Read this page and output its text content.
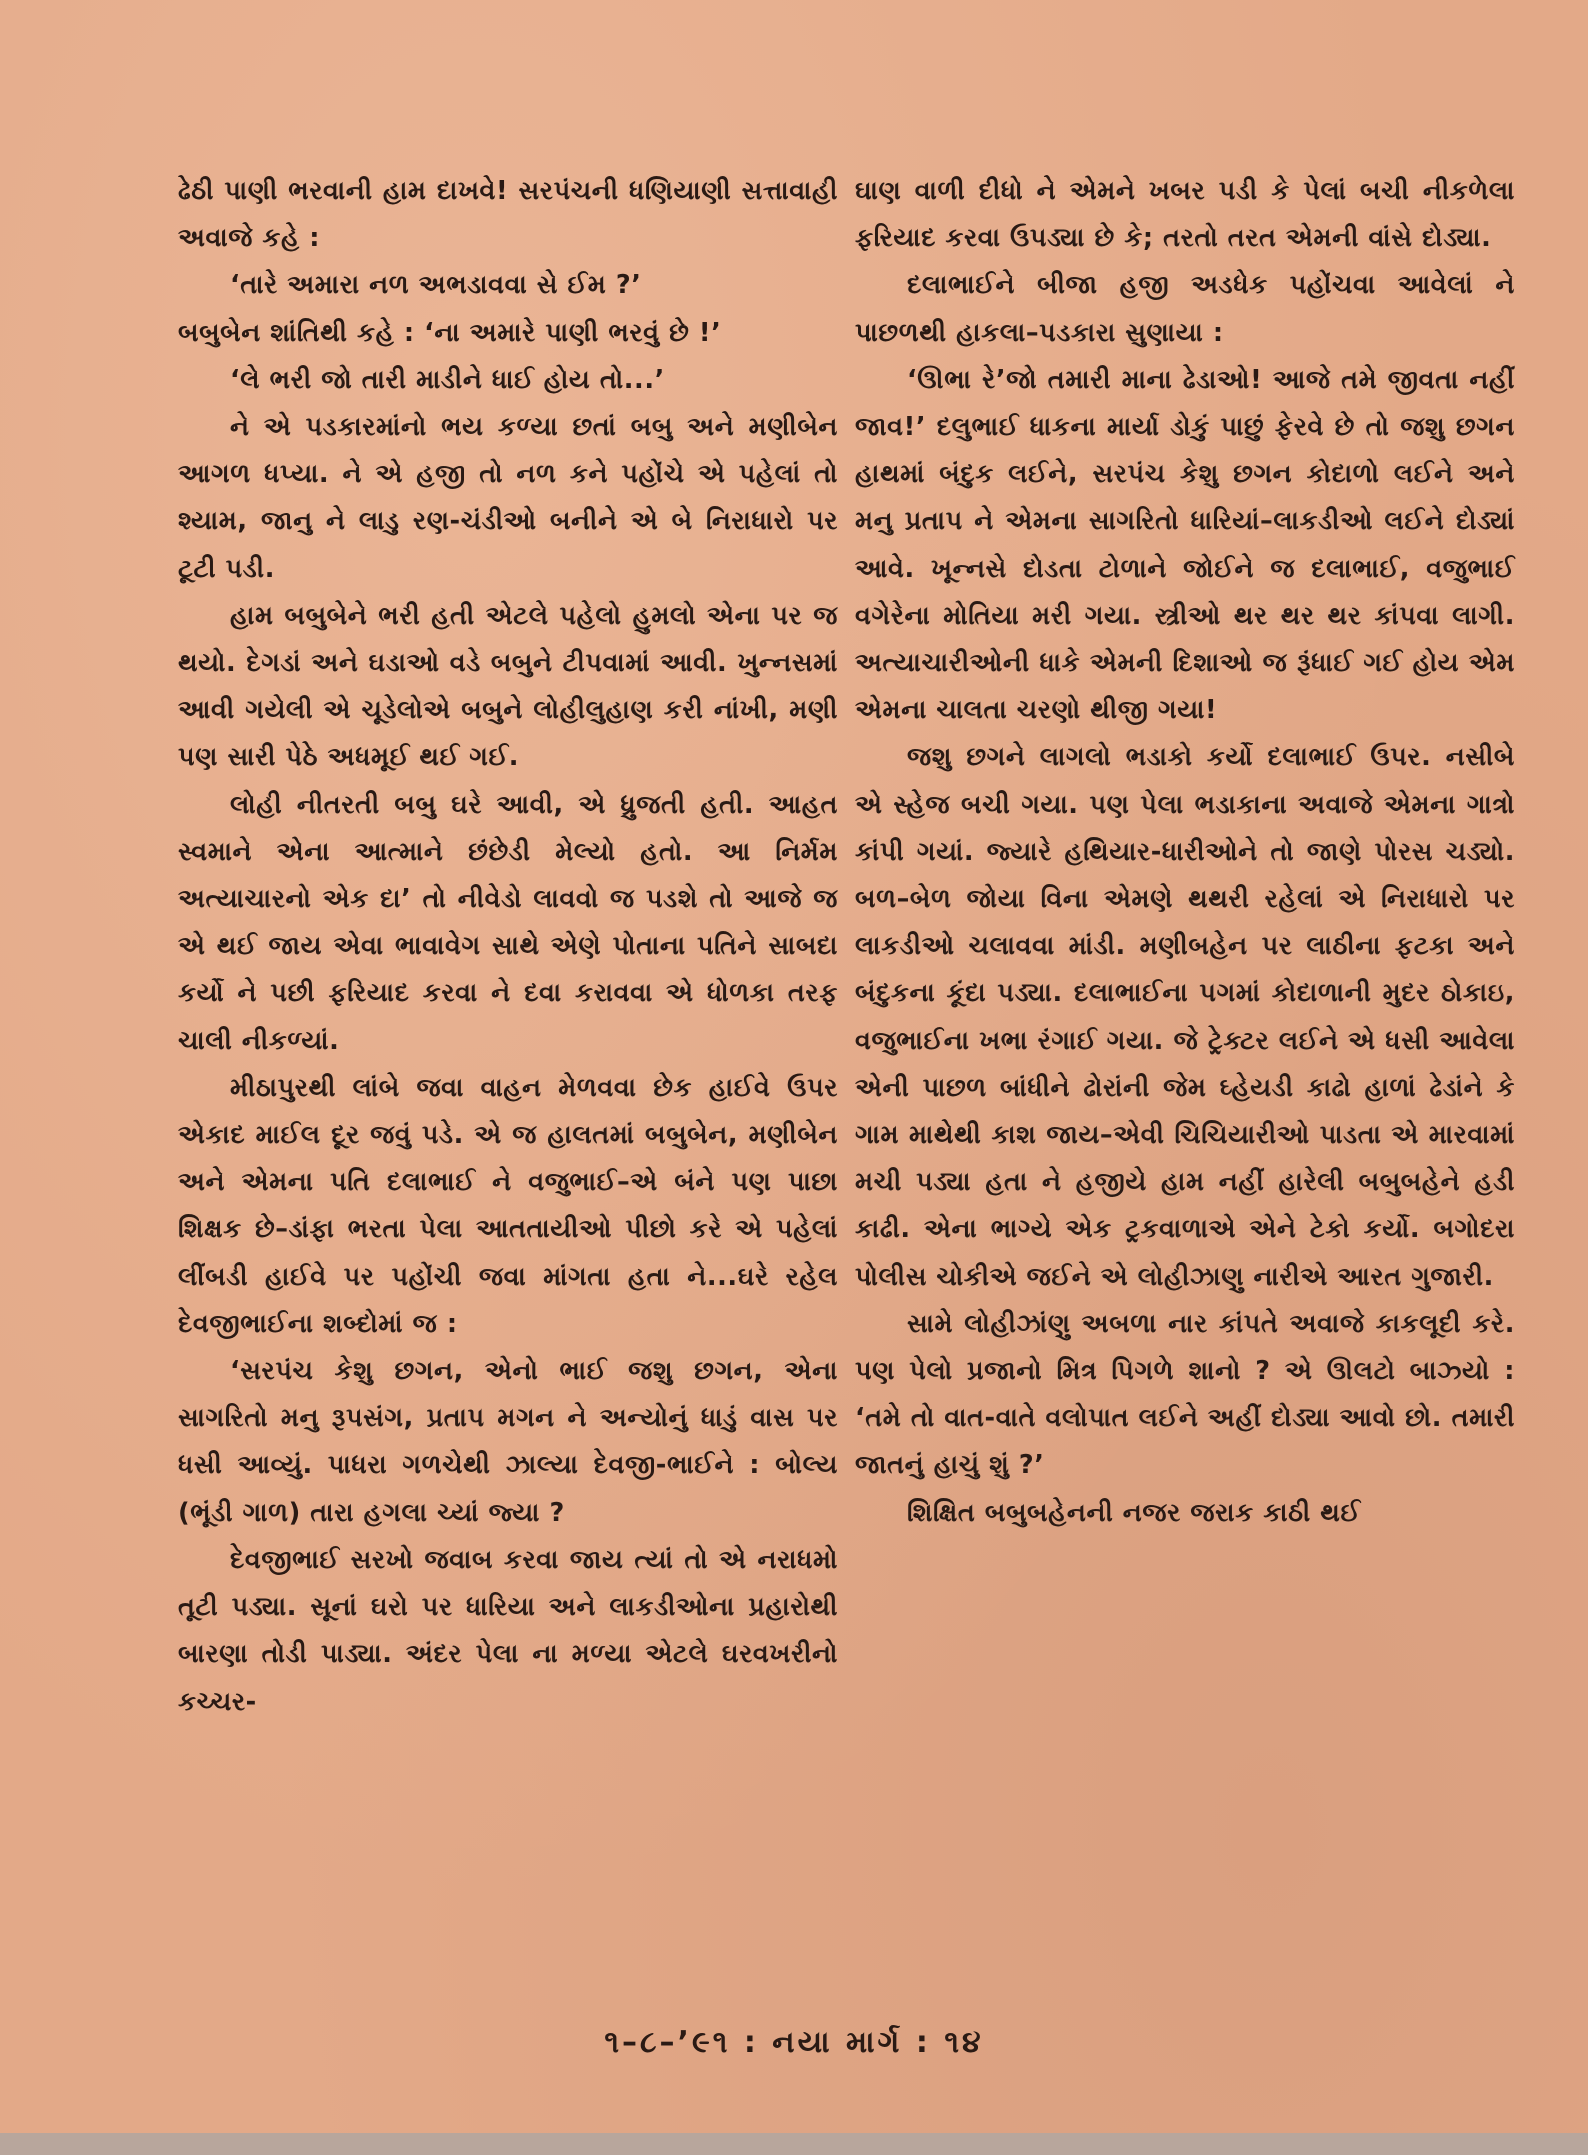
ઢેઠી પાણી ભરવાની હામ દાખવે! સરપંચની ધણિયાણી સત્તાવાહી અવાજે કહે :

‘તારે અમારા નળ અભડાવવા સે ઈમ ?’

બબુબેન શાંતિથી કહે : ‘ના અમારે પાણી ભરવું છે !’

‘લે ભરી જો તારી માડીને ધાઈ હોય તો...’

ને એ પડકારમાંનો ભય કળ્યા છતાં બબુ અને મણીબેન આગળ ધપ્યા. ને એ હજી તો નળ કને પહોંચે એ પહેલાં તો શ્યામ, જાનુ ને લાડુ રણ-ચંડીઓ બનીને એ બે નિરાધારો પર ટૂટી પડી.

હામ બબુબેને ભરી હતી એટલે પહેલો હુમલો એના પર જ થયો. દેગડાં અને ઘડાઓ વડે બબુને ટીપવામાં આવી. ખુન્નસમાં આવી ગયેલી એ ચૂડેલોએ બબુને લોહીલુહાણ કરી નાંખી, મણી પણ સારી પેઠે અધમૂઈ થઈ ગઈ.

લોહી નીતરતી બબુ ઘરે આવી, એ ધ્રુજતી હતી. આહત સ્વમાને એના આત્માને છંછેડી મેલ્યો હતો. આ નિર્મમ અત્યાચારનો એક દા’ તો નીવેડો લાવવો જ પડશે તો આજે જ એ થઈ જાય એવા ભાવાવેગ સાથે એણે પોતાના પતિને સાબદા કર્યો ને પછી ફરિયાદ કરવા ને દવા કરાવવા એ ધોળકા તરફ ચાલી નીકળ્યાં.

મીઠાપુરથી લાંબે જવા વાહન મેળવવા છેક હાઈવે ઉપર એકાદ માઈલ દૂર જવું પડે. એ જ હાલતમાં બબુબેન, મણીબેન અને એમના પતિ દલાભાઈ ને વજુભાઈ–એ બંને પણ પાછા શિક્ષક છે–ડાંફા ભરતા પેલા આતતાયીઓ પીછો કરે એ પહેલાં લીંબડી હાઈવે પર પહોંચી જવા માંગતા હતા ને...ઘરે રહેલ દેવજીભાઈના શબ્દોમાં જ :

‘સરપંચ કેશુ છગન, એનો ભાઈ જશુ છગન, એના સાગરિતો મનુ રૂપસંગ, પ્રતાપ મગન ને અન્યોનું ધાડું વાસ પર ધસી આવ્યું. પાધરા ગળચેથી ઝાલ્યા દેવજી-ભાઈને : બોલ્ય (ભૂંડી ગાળ) તારા હગલા ચ્યાં જ્યા ?

દેવજીભાઈ સરખો જવાબ કરવા જાય ત્યાં તો એ નરાધમો તૂટી પડ્યા. સૂનાં ઘરો પર ધારિયા અને લાકડીઓના પ્રહારોથી બારણા તોડી પાડ્યા. અંદર પેલા ના મળ્યા એટલે ઘરવખરીનો કચ્ચર-

ઘાણ વાળી દીધો ને એમને ખબર પડી કે પેલાં બચી નીકળેલા ફરિયાદ કરવા ઉપડ્યા છે કે; તરતો તરત એમની વાંસે દોડ્યા.

દલાભાઈને બીજા હજી અડધેક પહોંચવા આવેલાં ને પાછળથી હાકલા–પડકારા સુણાયા :

‘ઊભા રે’જો તમારી માના ઢેડાઓ! આજે તમે જીવતા નહીં જાવ!’ દલુભાઈ ધાકના માર્યા ડોકું પાછું ફેરવે છે તો જશુ છગન હાથમાં બંદુક લઈને, સરપંચ કેશુ છગન કોદાળો લઈને અને મનુ પ્રતાપ ને એમના સાગરિતો ધારિયાં–લાકડીઓ લઈને દોડ્યાં આવે. ખૂન્નસે દોડતા ટોળાને જોઈને જ દલાભાઈ, વજુભાઈ વગેરેના મોતિયા મરી ગયા. સ્ત્રીઓ થર થર થર કાંપવા લાગી. અત્યાચારીઓની ધાકે એમની દિશાઓ જ રૂંધાઈ ગઈ હોય એમ એમના ચાલતા ચરણો થીજી ગયા!

જશુ છગને લાગલો ભડાકો કર્યો દલાભાઈ ઉપર. નસીબે એ સ્હેજ બચી ગયા. પણ પેલા ભડાકાના અવાજે એમના ગાત્રો કાંપી ગયાં. જ્યારે હથિયાર-ધારીઓને તો જાણે પોરસ ચડ્યો. બળ–બેળ જોયા વિના એમણે થથરી રહેલાં એ નિરાધારો પર લાકડીઓ ચલાવવા માંડી. મણીબહેન પર લાઠીના ફટકા અને બંદુકના કૂંદા પડ્યા. દલાભાઈના પગમાં કોદાળાની મુદર ઠોકાઇ, વજુભાઈના ખભા રંગાઈ ગયા. જે ટ્રેક્ટર લઈને એ ધસી આવેલા એની પાછળ બાંધીને ઢોરાંની જેમ ઘ્હેયડી કાઢો હાળાં ઢેડાંને કે ગામ માથેથી કાશ જાય–એવી ચિચિયારીઓ પાડતા એ મારવામાં મચી પડ્યા હતા ને હજીયે હામ નહીં હારેલી બબુબહેને હડી કાઢી. એના ભાગ્યે એક ટ્રકવાળાએ એને ટેકો કર્યો. બગોદરા પોલીસ ચોકીએ જઈને એ લોહીઝાણુ નારીએ આરત ગુજારી.

સામે લોહીઝાંણુ અબળા નાર કાંપતે અવાજે કાકલૂદી કરે. પણ પેલો પ્રજાનો મિત્ર પિગળે શાનો ? એ ઊલટો બાઝ્યો : ‘તમે તો વાત-વાતે વલોપાત લઈને અહીં દોડ્યા આવો છો. તમારી જાતનું હાચું શું ?’

શિક્ષિત બબુબહેનની નજર જરાક કાઠી થઈ

૧–૮–’૯૧ : નયા માર્ગ : ૧૪
